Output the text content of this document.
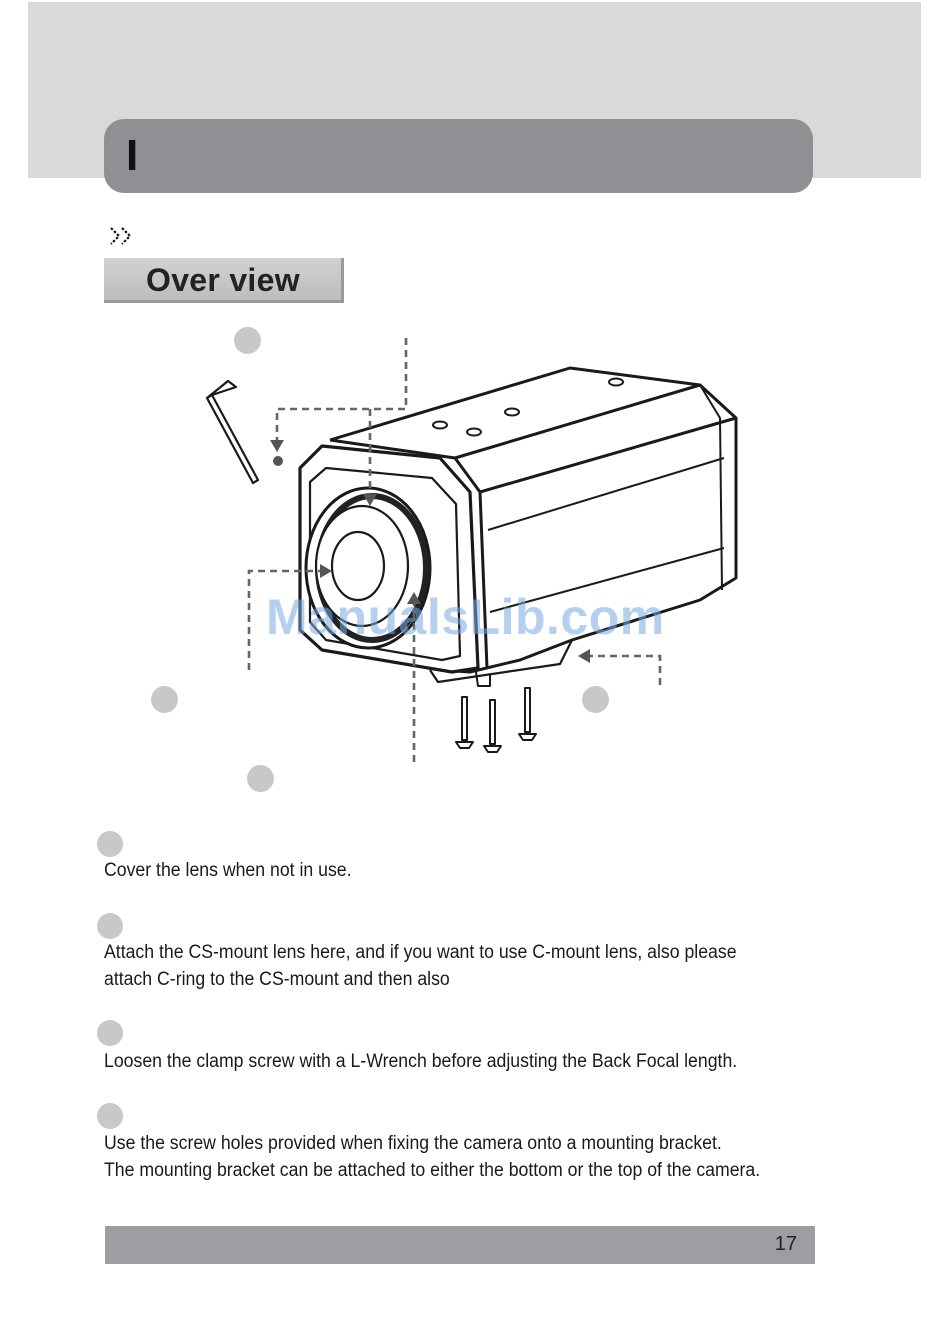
I
Over view
ManualsLib.com
Cover the lens when not in use.
Attach the CS-mount lens here, and if you want to use C-mount lens, also please
attach C-ring to the CS-mount and then also
Loosen the clamp screw with a L-Wrench before adjusting the Back Focal length.
Use the screw holes provided when fixing the camera onto a mounting bracket.
The mounting bracket can be attached to either the bottom or the top of the camera.
17
